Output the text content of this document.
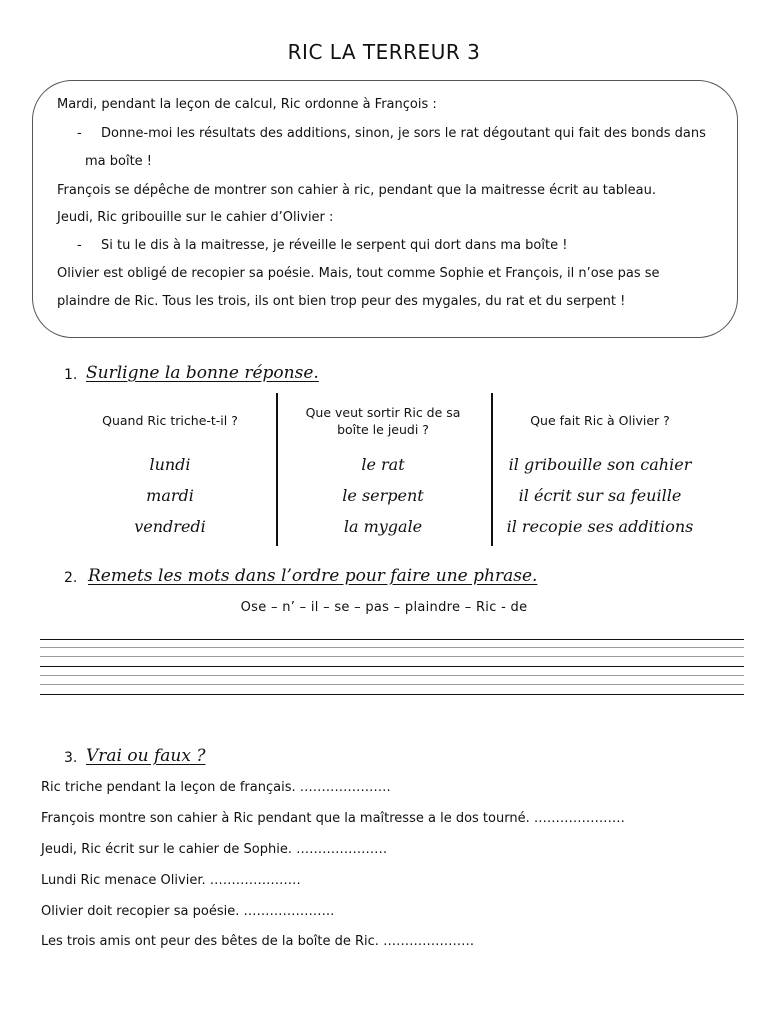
RIC LA TERREUR 3
Mardi, pendant la leçon de calcul, Ric ordonne à François :
- Donne-moi les résultats des additions, sinon, je sors le rat dégoutant qui fait des bonds dans
ma boîte !
François se dépêche de montrer son cahier à ric, pendant que la maitresse écrit au tableau.
Jeudi, Ric gribouille sur le cahier d’Olivier :
- Si tu le dis à la maitresse, je réveille le serpent qui dort dans ma boîte !
Olivier est obligé de recopier sa poésie. Mais, tout comme Sophie et François, il n’ose pas se
plaindre de Ric. Tous les trois, ils ont bien trop peur des mygales, du rat et du serpent !
1. Surligne la bonne réponse.
Quand Ric triche-t-il ?
Que veut sortir Ric de sa boîte le jeudi ?
Que fait Ric à Olivier ?
lundi
mardi
vendredi
le rat
le serpent
la mygale
il gribouille son cahier
il écrit sur sa feuille
il recopie ses additions
2. Remets les mots dans l’ordre pour faire une phrase.
Ose – n’ – il – se – pas – plaindre – Ric - de
3. Vrai ou faux ?
Ric triche pendant la leçon de français. …………………
François montre son cahier à Ric pendant que la maîtresse a le dos tourné. …………………
Jeudi, Ric écrit sur le cahier de Sophie. …………………
Lundi Ric menace Olivier. …………………
Olivier doit recopier sa poésie. …………………
Les trois amis ont peur des bêtes de la boîte de Ric. …………………
